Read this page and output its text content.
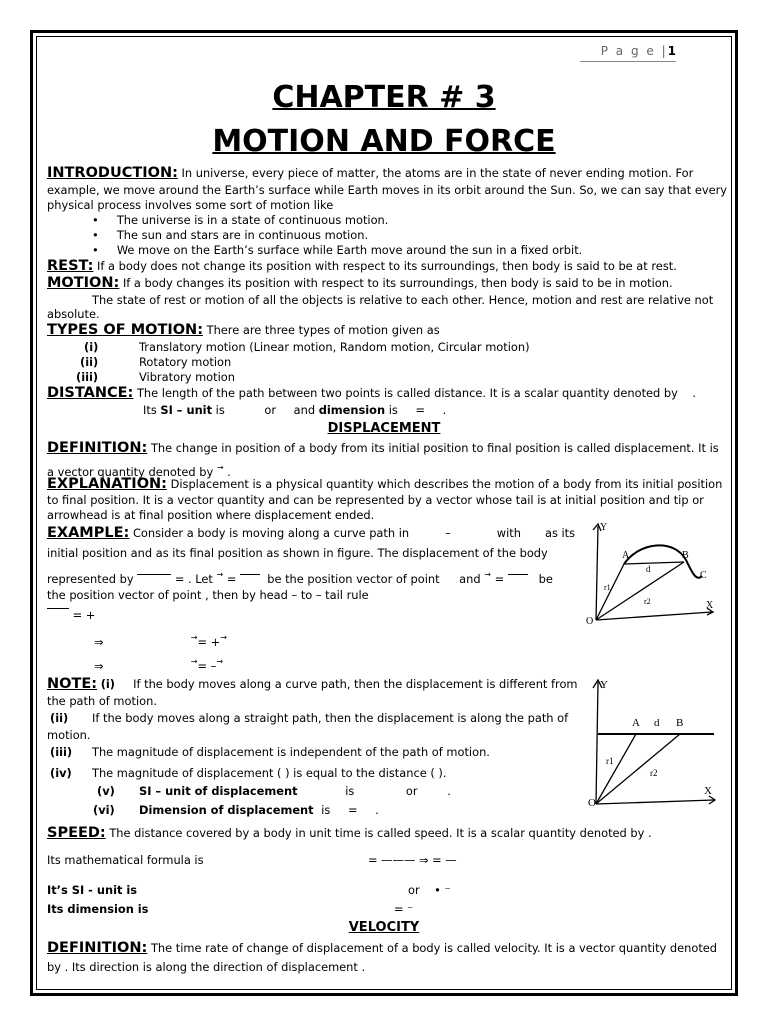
P a g e |1
CHAPTER # 3
MOTION AND FORCE
INTRODUCTION: In universe, every piece of matter, the atoms are in the state of never ending motion. For
example, we move around the Earth’s surface while Earth moves in its orbit around the Sun. So, we can say that every
physical process involves some sort of motion like
• The universe is in a state of continuous motion.
• The sun and stars are in continuous motion.
• We move on the Earth’s surface while Earth move around the sun in a fixed orbit.
REST: If a body does not change its position with respect to its surroundings, then body is said to be at rest.
MOTION: If a body changes its position with respect to its surroundings, then body is said to be in motion.
The state of rest or motion of all the objects is relative to each other. Hence, motion and rest are relative not
absolute.
TYPES OF MOTION: There are three types of motion given as
(i)	Translatory motion (Linear motion, Random motion, Circular motion)
(ii)	Rotatory motion
(iii)	Vibratory motion
DISTANCE: The length of the path between two points is called distance. It is a scalar quantity denoted by .
Its SI – unit is	or and dimension is = .
DISPLACEMENT
DEFINITION: The change in position of a body from its initial position to final position is called displacement. It is
a vector quantity denoted by → .
EXPLANATION: Displacement is a physical quantity which describes the motion of a body from its initial position
to final position. It is a vector quantity and can be represented by a vector whose tail is at initial position and tip or
arrowhead is at final position where displacement ended.
EXAMPLE: Consider a body is moving along a curve path in	–	with as its
initial position and as its final position as shown in figure. The displacement of the body
represented by	= . Let → =	be the position vector of point and → =	be
the position vector of point , then by head – to – tail rule
= +
⇒	→= +→
⇒	→= –→
Y
A	B
C
X
O
d
r1
r2
NOTE: (i) If the body moves along a curve path, then the displacement is different from
the path of motion.
(ii) If the body moves along a straight path, then the displacement is along the path of
motion.
(iii) The magnitude of displacement is independent of the path of motion.
(iv) The magnitude of displacement ( ) is equal to the distance ( ).
(v) SI – unit of displacement	is	or	.
(vi) Dimension of displacement is = .
Y
A d B
X
O
r1
r2
SPEED: The distance covered by a body in unit time is called speed. It is a scalar quantity denoted by .
Its mathematical formula is	= ——— ⇒ = —
It’s SI - unit is	or • ⁻
Its dimension is	= ⁻
VELOCITY
DEFINITION: The time rate of change of displacement of a body is called velocity. It is a vector quantity denoted
by . Its direction is along the direction of displacement .
